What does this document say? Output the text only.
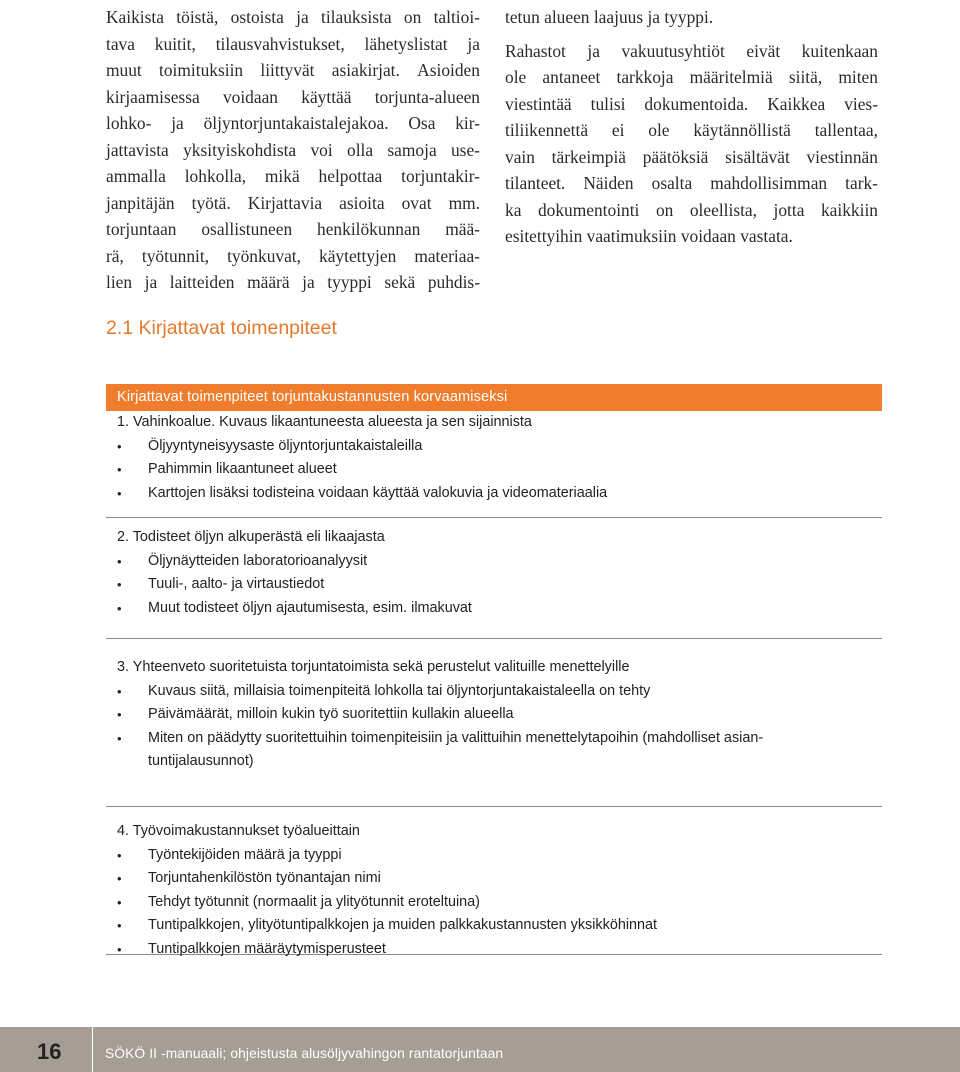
Kaikista töistä, ostoista ja tilauksista on taltioi-
tava kuitit, tilausvahvistukset, lähetyslistat ja
muut toimituksiin liittyvät asiakirjat. Asioiden
kirjaamisessa voidaan käyttää torjunta-alueen
lohko- ja öljyntorjuntakaistalejakoa. Osa kir-
jattavista yksityiskohdista voi olla samoja use-
ammalla lohkolla, mikä helpottaa torjuntakir-
janpitäjän työtä. Kirjattavia asioita ovat mm.
torjuntaan osallistuneen henkilökunnan mää-
rä, työtunnit, työnkuvat, käytettyjen materiaa-
lien ja laitteiden määrä ja tyyppi sekä puhdis-
tetun alueen laajuus ja tyyppi.
Rahastot ja vakuutusyhtiöt eivät kuitenkaan
ole antaneet tarkkoja määritelmiä siitä, miten
viestintää tulisi dokumentoida. Kaikkea vies-
tiliikennettä ei ole käytännöllistä tallentaa,
vain tärkeimpiä päätöksiä sisältävät viestinnän
tilanteet. Näiden osalta mahdollisimman tark-
ka dokumentointi on oleellista, jotta kaikkiin
esitettyihin vaatimuksiin voidaan vastata.
2.1 Kirjattavat toimenpiteet
Kirjattavat toimenpiteet torjuntakustannusten korvaamiseksi
1. Vahinkoalue. Kuvaus likaantuneesta alueesta ja sen sijainnista
• Öljyyntyneisyysaste öljyntorjuntakaistaleilla
• Pahimmin likaantuneet alueet
• Karttojen lisäksi todisteina voidaan käyttää valokuvia ja videomateriaalia
2. Todisteet öljyn alkuperästä eli likaajasta
• Öljynäytteiden laboratorioanalyysit
• Tuuli-, aalto- ja virtaustiedot
• Muut todisteet öljyn ajautumisesta, esim. ilmakuvat
3. Yhteenveto suoritetuista torjuntatoimista sekä perustelut valituille menettelyille
• Kuvaus siitä, millaisia toimenpiteitä lohkolla tai öljyntorjuntakaistaleella on tehty
• Päivämäärät, milloin kukin työ suoritettiin kullakin alueella
• Miten on päädytty suoritettuihin toimenpiteisiin ja valittuihin menettelytapoihin (mahdolliset asian-tuntijalausunnot)
4. Työvoimakustannukset työalueittain
• Työntekijöiden määrä ja tyyppi
• Torjuntahenkilöstön työnantajan nimi
• Tehdyt työtunnit (normaalit ja ylityötunnit eroteltuina)
• Tuntipalkkojen, ylityötuntipalkkojen ja muiden palkkakustannusten yksikköhinnat
• Tuntipalkkojen määräytymisperusteet
16	SÖKÖ II -manuaali; ohjeistusta alusöljyvahingon rantatorjuntaan
